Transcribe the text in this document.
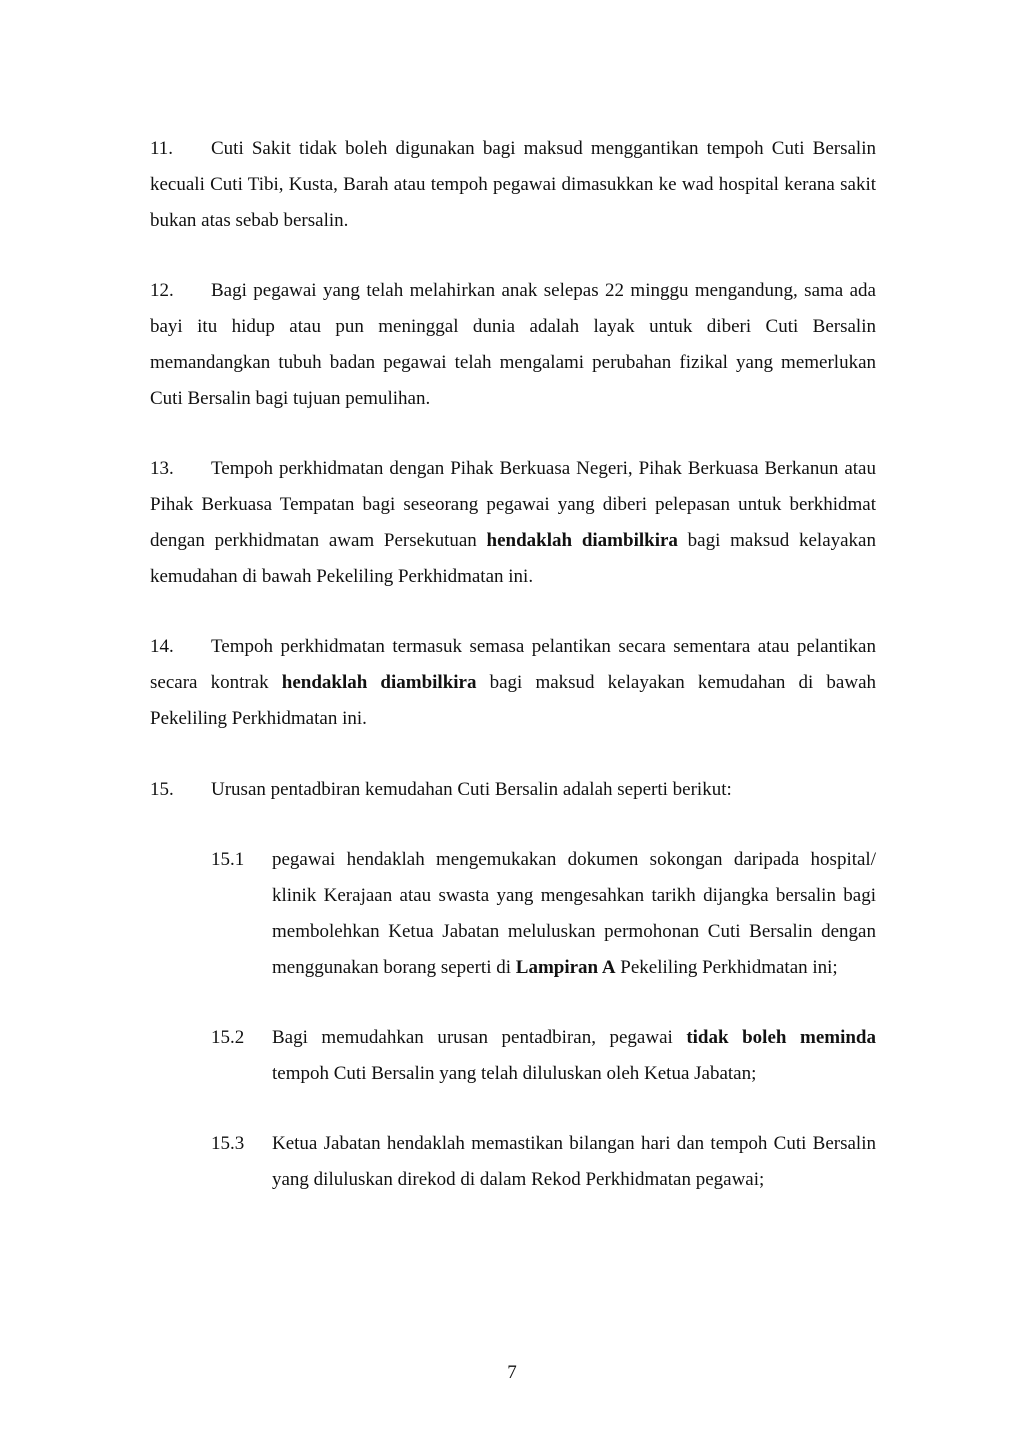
11. Cuti Sakit tidak boleh digunakan bagi maksud menggantikan tempoh Cuti Bersalin kecuali Cuti Tibi, Kusta, Barah atau tempoh pegawai dimasukkan ke wad hospital kerana sakit bukan atas sebab bersalin.
12. Bagi pegawai yang telah melahirkan anak selepas 22 minggu mengandung, sama ada bayi itu hidup atau pun meninggal dunia adalah layak untuk diberi Cuti Bersalin memandangkan tubuh badan pegawai telah mengalami perubahan fizikal yang memerlukan Cuti Bersalin bagi tujuan pemulihan.
13. Tempoh perkhidmatan dengan Pihak Berkuasa Negeri, Pihak Berkuasa Berkanun atau Pihak Berkuasa Tempatan bagi seseorang pegawai yang diberi pelepasan untuk berkhidmat dengan perkhidmatan awam Persekutuan hendaklah diambilkira bagi maksud kelayakan kemudahan di bawah Pekeliling Perkhidmatan ini.
14. Tempoh perkhidmatan termasuk semasa pelantikan secara sementara atau pelantikan secara kontrak hendaklah diambilkira bagi maksud kelayakan kemudahan di bawah Pekeliling Perkhidmatan ini.
15. Urusan pentadbiran kemudahan Cuti Bersalin adalah seperti berikut:
15.1 pegawai hendaklah mengemukakan dokumen sokongan daripada hospital/ klinik Kerajaan atau swasta yang mengesahkan tarikh dijangka bersalin bagi membolehkan Ketua Jabatan meluluskan permohonan Cuti Bersalin dengan menggunakan borang seperti di Lampiran A Pekeliling Perkhidmatan ini;
15.2 Bagi memudahkan urusan pentadbiran, pegawai tidak boleh meminda tempoh Cuti Bersalin yang telah diluluskan oleh Ketua Jabatan;
15.3 Ketua Jabatan hendaklah memastikan bilangan hari dan tempoh Cuti Bersalin yang diluluskan direkod di dalam Rekod Perkhidmatan pegawai;
7
